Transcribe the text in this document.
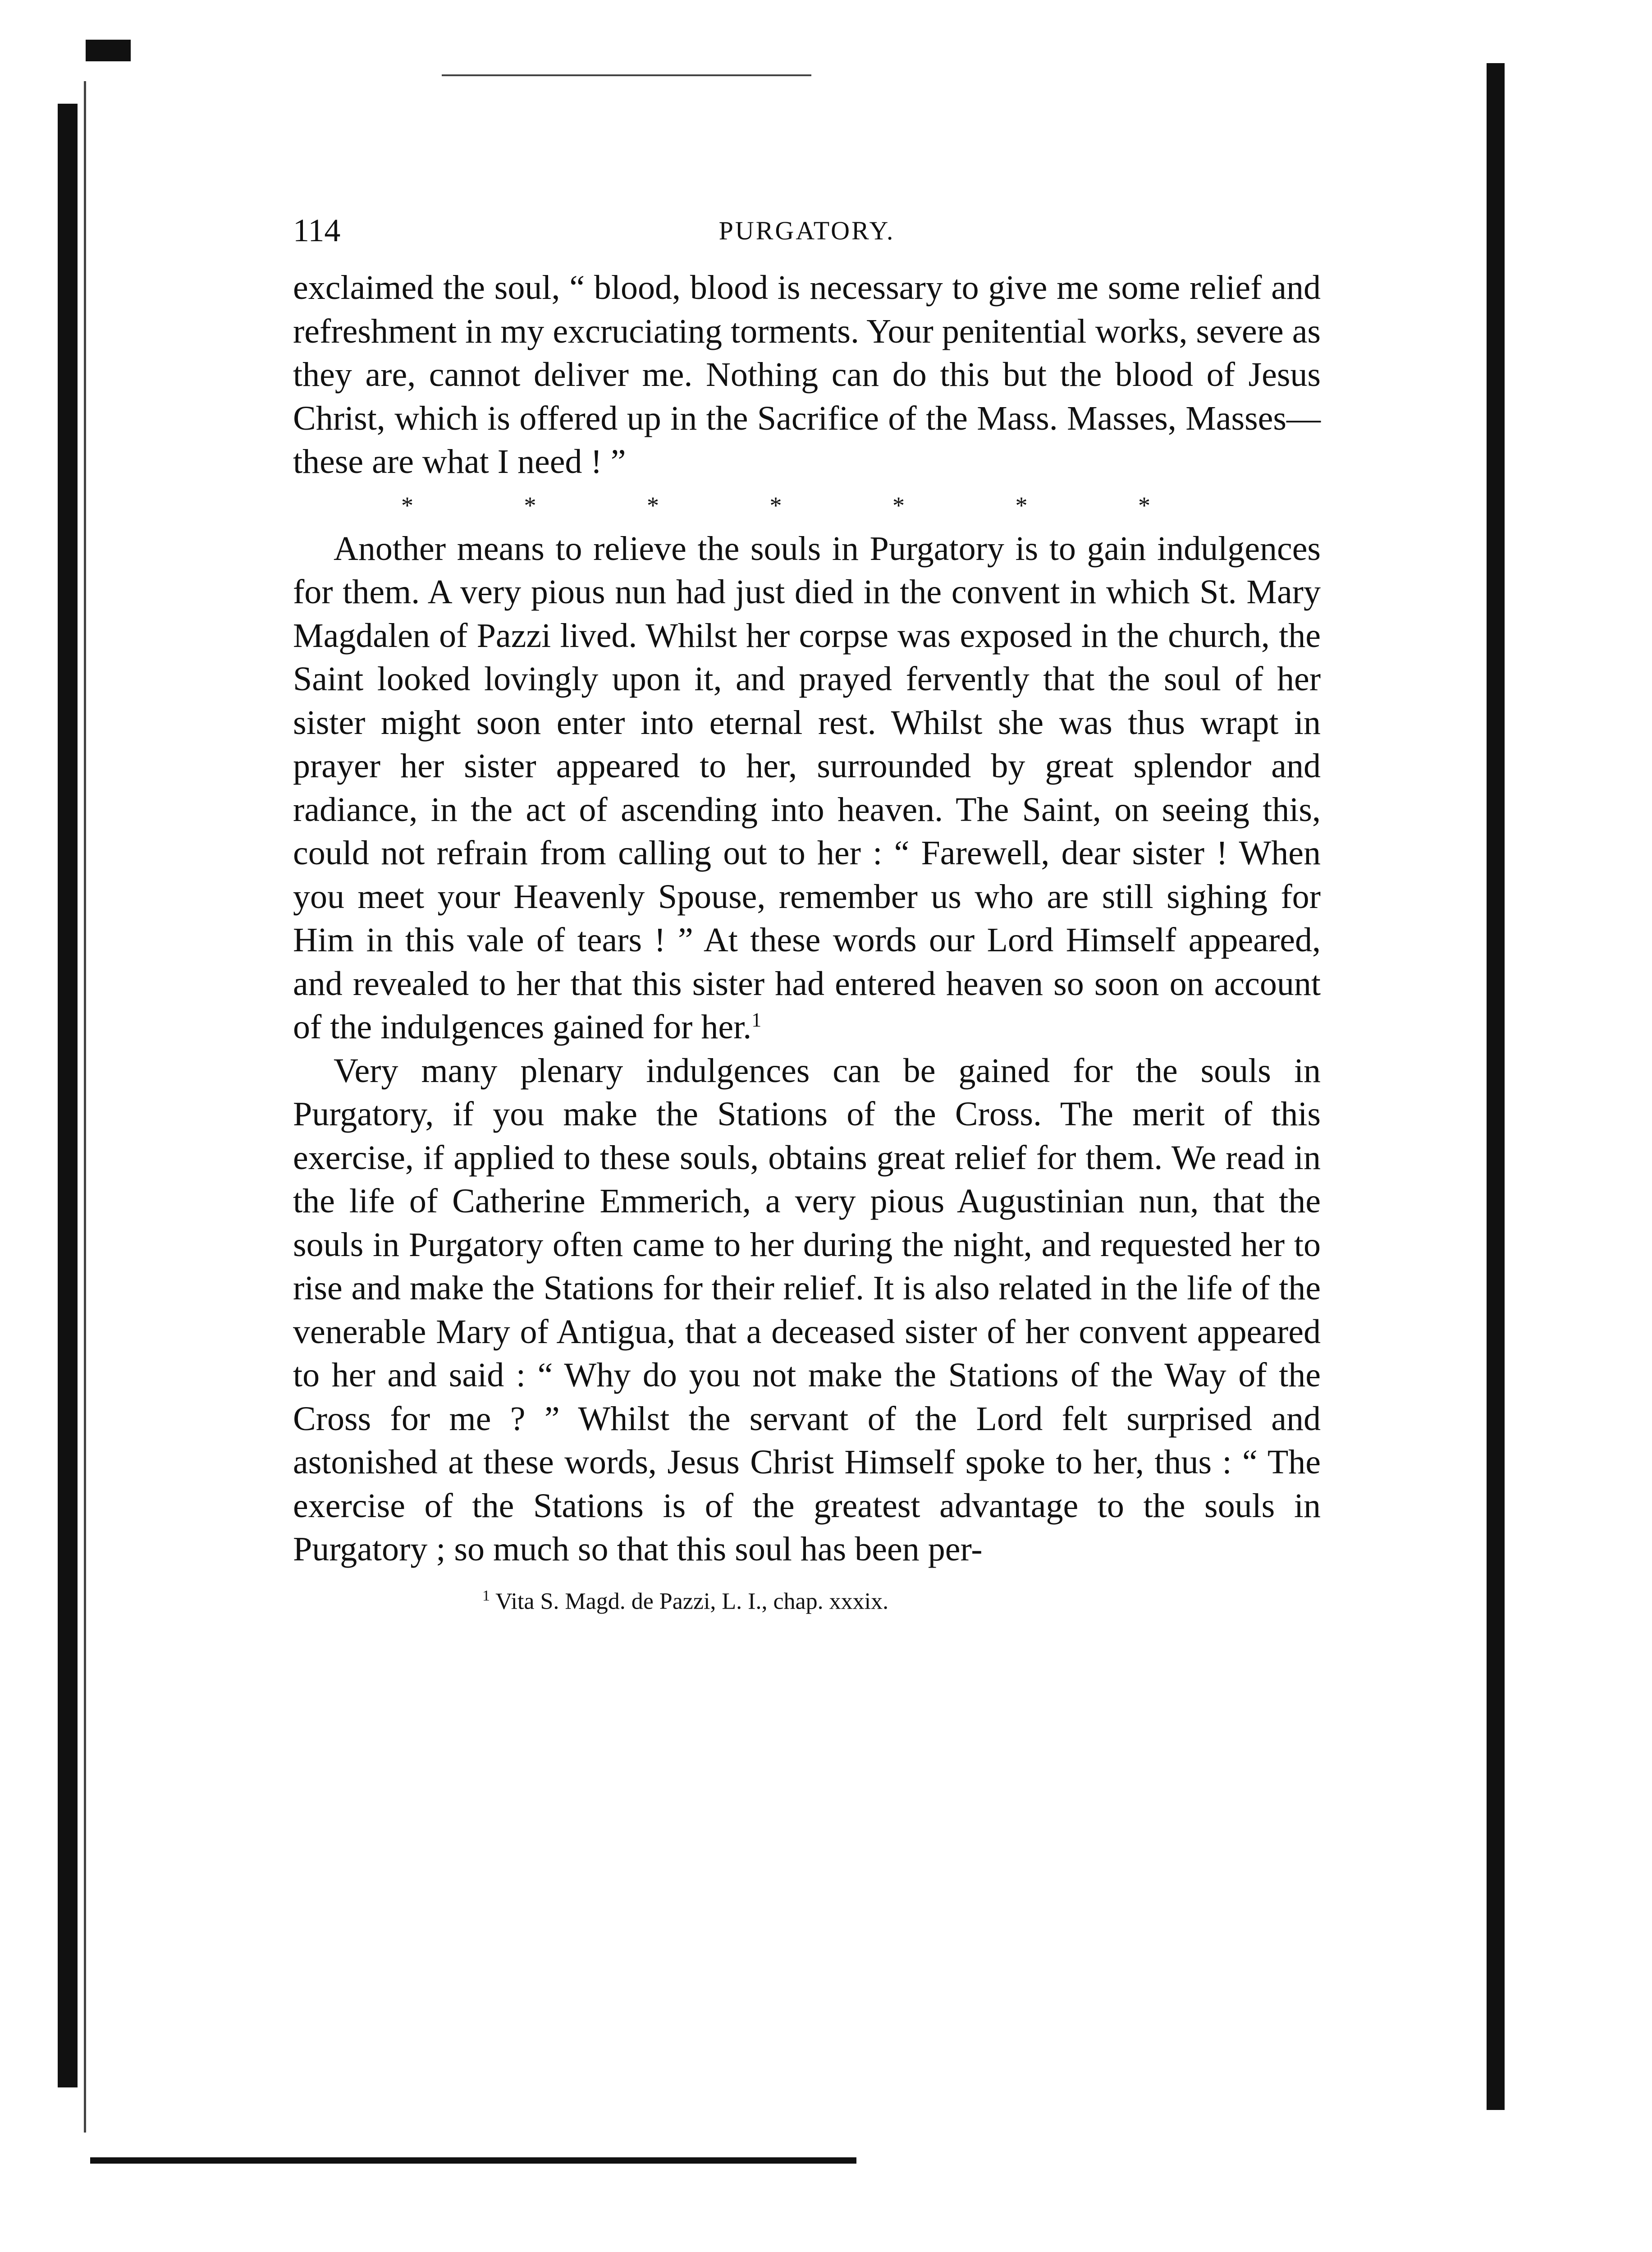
114	PURGATORY.

exclaimed the soul, “ blood, blood is necessary to give me some relief and refreshment in my excruciating torments. Your penitential works, severe as they are, cannot deliver me. Nothing can do this but the blood of Jesus Christ, which is offered up in the Sacrifice of the Mass. Masses, Masses—these are what I need ! ”

* * * * * * *

Another means to relieve the souls in Purgatory is to gain indulgences for them. A very pious nun had just died in the convent in which St. Mary Magdalen of Pazzi lived. Whilst her corpse was exposed in the church, the Saint looked lovingly upon it, and prayed fervently that the soul of her sister might soon enter into eternal rest. Whilst she was thus wrapt in prayer her sister appeared to her, surrounded by great splendor and radiance, in the act of ascending into heaven. The Saint, on seeing this, could not refrain from calling out to her : “ Farewell, dear sister ! When you meet your Heavenly Spouse, remember us who are still sighing for Him in this vale of tears ! ” At these words our Lord Himself appeared, and revealed to her that this sister had entered heaven so soon on account of the indulgences gained for her.$^1$

Very many plenary indulgences can be gained for the souls in Purgatory, if you make the Stations of the Cross. The merit of this exercise, if applied to these souls, obtains great relief for them. We read in the life of Catherine Emmerich, a very pious Augustinian nun, that the souls in Purgatory often came to her during the night, and requested her to rise and make the Stations for their relief. It is also related in the life of the venerable Mary of Antigua, that a deceased sister of her convent appeared to her and said : “ Why do you not make the Stations of the Way of the Cross for me ? ” Whilst the servant of the Lord felt surprised and astonished at these words, Jesus Christ Himself spoke to her, thus : “ The exercise of the Stations is of the greatest advantage to the souls in Purgatory ; so much so that this soul has been per-

$^1$ Vita S. Magd. de Pazzi, L. I., chap. xxxix.
